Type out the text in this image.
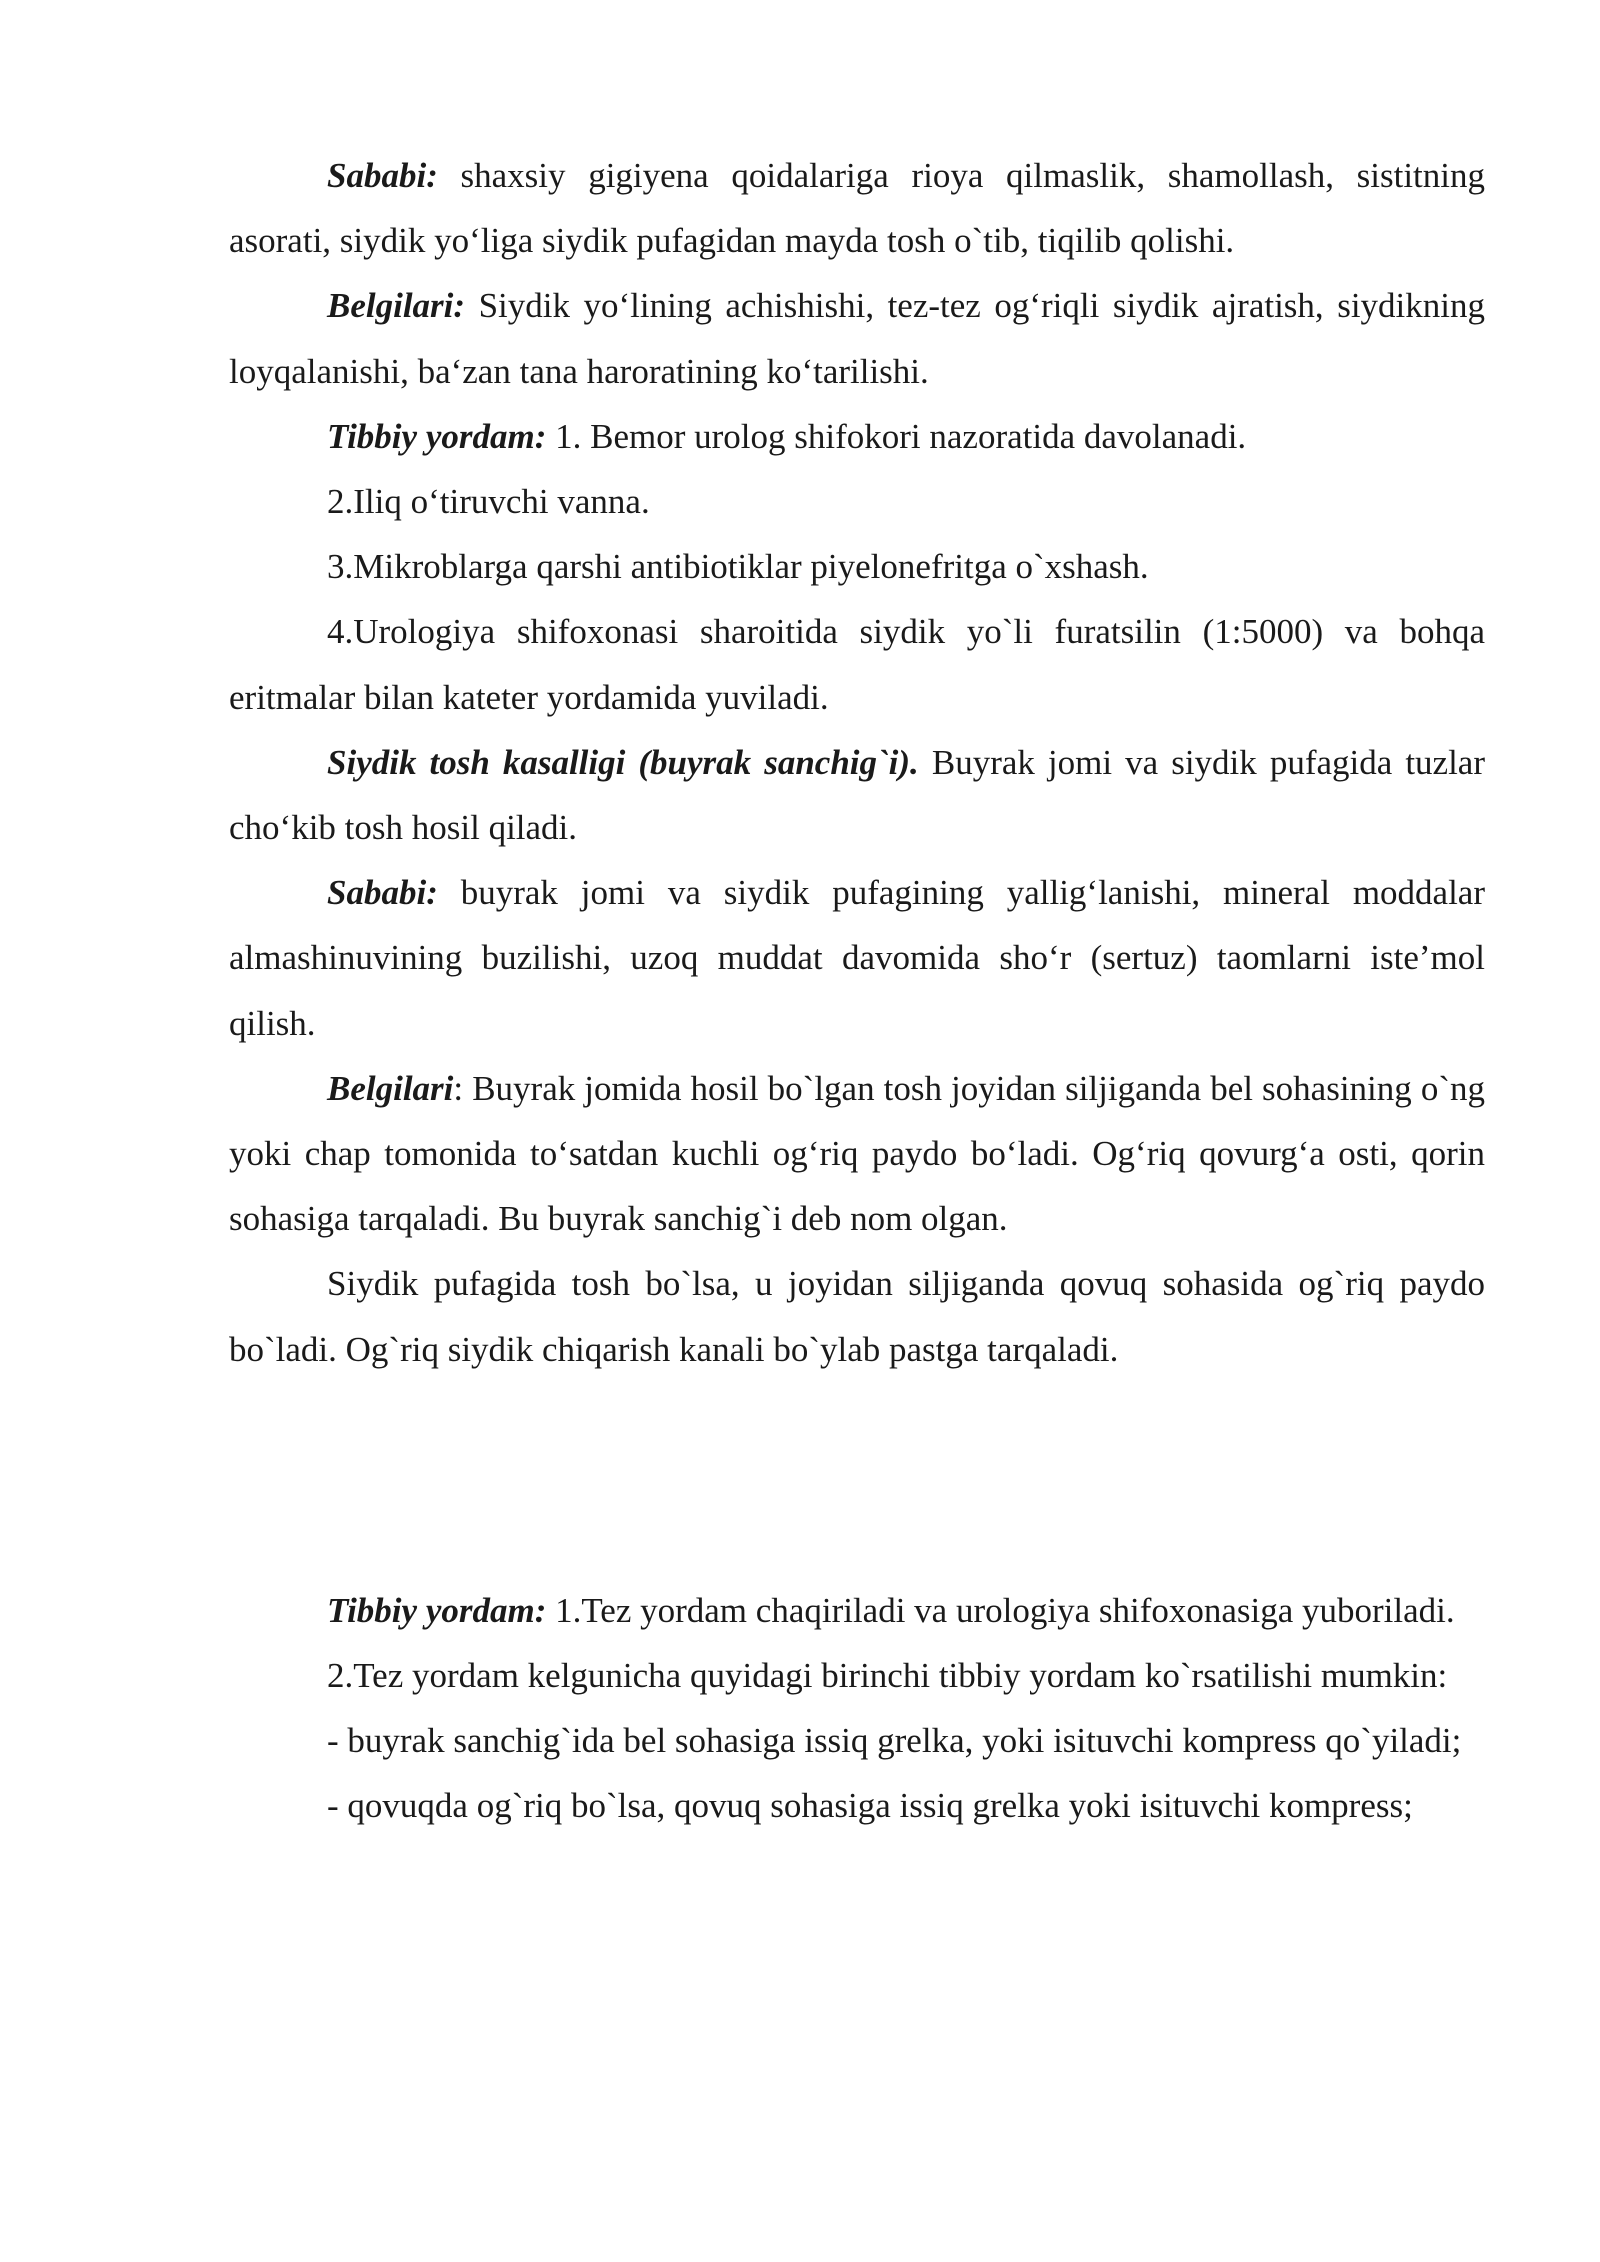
Sababi: shaxsiy gigiyena qoidalariga rioya qilmaslik, shamollash, sistitning asorati, siydik yo‘liga siydik pufagidan mayda tosh o`tib, tiqilib qolishi.

Belgilari: Siydik yo‘lining achishishi, tez-tez og‘riqli siydik ajratish, siydikning loyqalanishi, ba‘zan tana haroratining ko‘tarilishi.

Tibbiy yordam: 1. Bemor urolog shifokori nazoratida davolanadi.

2.Iliq o‘tiruvchi vanna.

3.Mikroblarga qarshi antibiotiklar piyelonefritga o`xshash.

4.Urologiya shifoxonasi sharoitida siydik yo`li furatsilin (1:5000) va bohqa eritmalar bilan kateter yordamida yuviladi.

Siydik tosh kasalligi (buyrak sanchig`i). Buyrak jomi va siydik pufagida tuzlar cho‘kib tosh hosil qiladi.

Sababi: buyrak jomi va siydik pufagining yallig‘lanishi, mineral moddalar almashinuvining buzilishi, uzoq muddat davomida sho‘r (sertuz) taomlarni iste’mol qilish.

Belgilari: Buyrak jomida hosil bo`lgan tosh joyidan siljiganda bel sohasining o`ng yoki chap tomonida to‘satdan kuchli og‘riq paydo bo‘ladi. Og‘riq qovurg‘a osti, qorin sohasiga tarqaladi. Bu buyrak sanchig`i deb nom olgan.

Siydik pufagida tosh bo`lsa, u joyidan siljiganda qovuq sohasida og`riq paydo bo`ladi. Og`riq siydik chiqarish kanali bo`ylab pastga tarqaladi.

Tibbiy yordam: 1.Tez yordam chaqiriladi va urologiya shifoxonasiga yuboriladi.

2.Tez yordam kelgunicha quyidagi birinchi tibbiy yordam ko`rsatilishi mumkin:

- buyrak sanchig`ida bel sohasiga issiq grelka, yoki isituvchi kompress qo`yiladi;

- qovuqda og`riq bo`lsa, qovuq sohasiga issiq grelka yoki isituvchi kompress;
